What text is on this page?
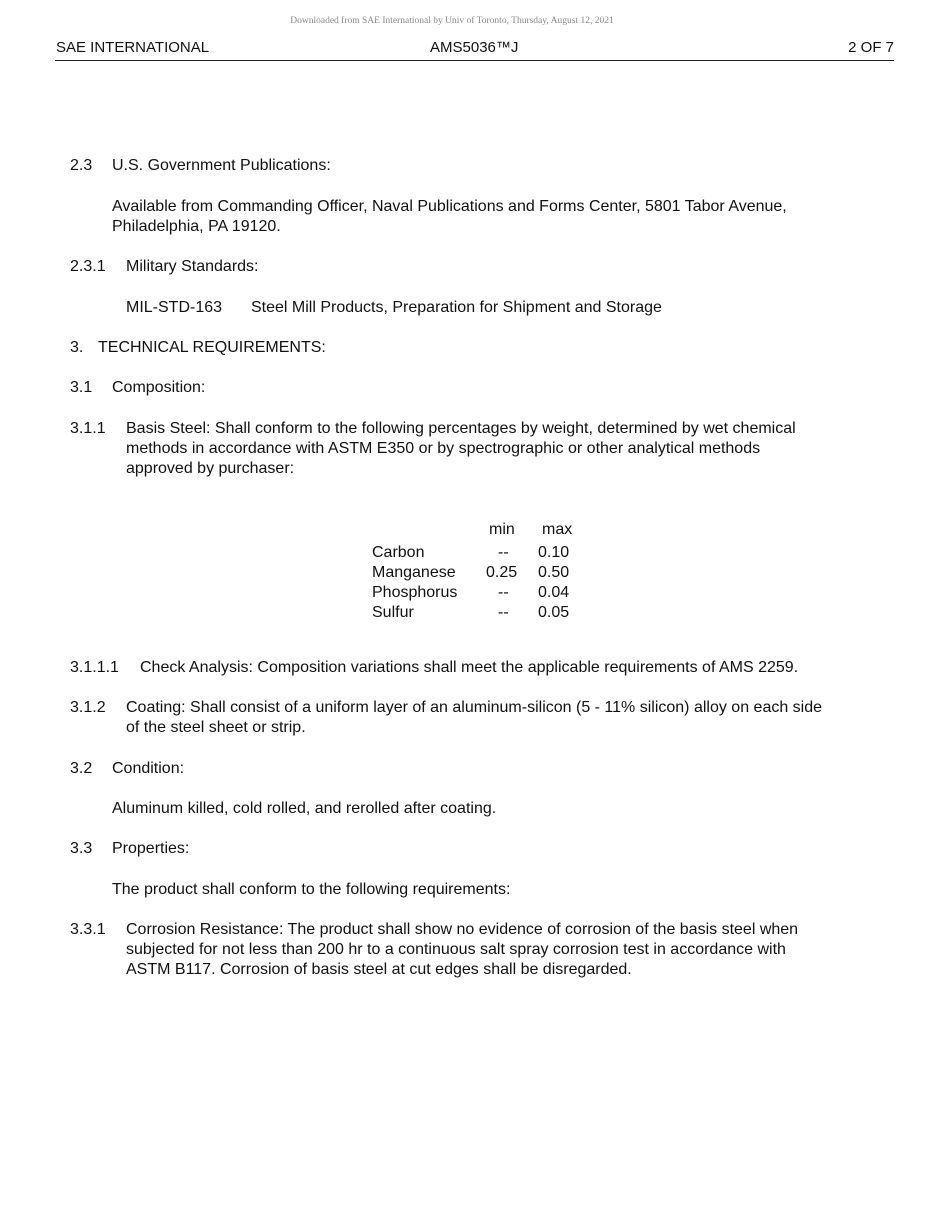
Downloaded from SAE International by Univ of Toronto, Thursday, August 12, 2021
SAE INTERNATIONAL	AMS5036™J	2 OF 7
2.3 U.S. Government Publications:
Available from Commanding Officer, Naval Publications and Forms Center, 5801 Tabor Avenue,
Philadelphia, PA 19120.
2.3.1 Military Standards:
MIL-STD-163 Steel Mill Products, Preparation for Shipment and Storage
3. TECHNICAL REQUIREMENTS:
3.1 Composition:
3.1.1 Basis Steel: Shall conform to the following percentages by weight, determined by wet chemical
methods in accordance with ASTM E350 or by spectrographic or other analytical methods
approved by purchaser:
min max
Carbon	-- 0.10
Manganese 0.25 0.50
Phosphorus	-- 0.04
Sulfur	-- 0.05
3.1.1.1 Check Analysis: Composition variations shall meet the applicable requirements of AMS 2259.
3.1.2 Coating: Shall consist of a uniform layer of an aluminum-silicon (5 - 11% silicon) alloy on each side
of the steel sheet or strip.
3.2 Condition:
Aluminum killed, cold rolled, and rerolled after coating.
3.3 Properties:
The product shall conform to the following requirements:
3.3.1 Corrosion Resistance: The product shall show no evidence of corrosion of the basis steel when
subjected for not less than 200 hr to a continuous salt spray corrosion test in accordance with
ASTM B117. Corrosion of basis steel at cut edges shall be disregarded.
